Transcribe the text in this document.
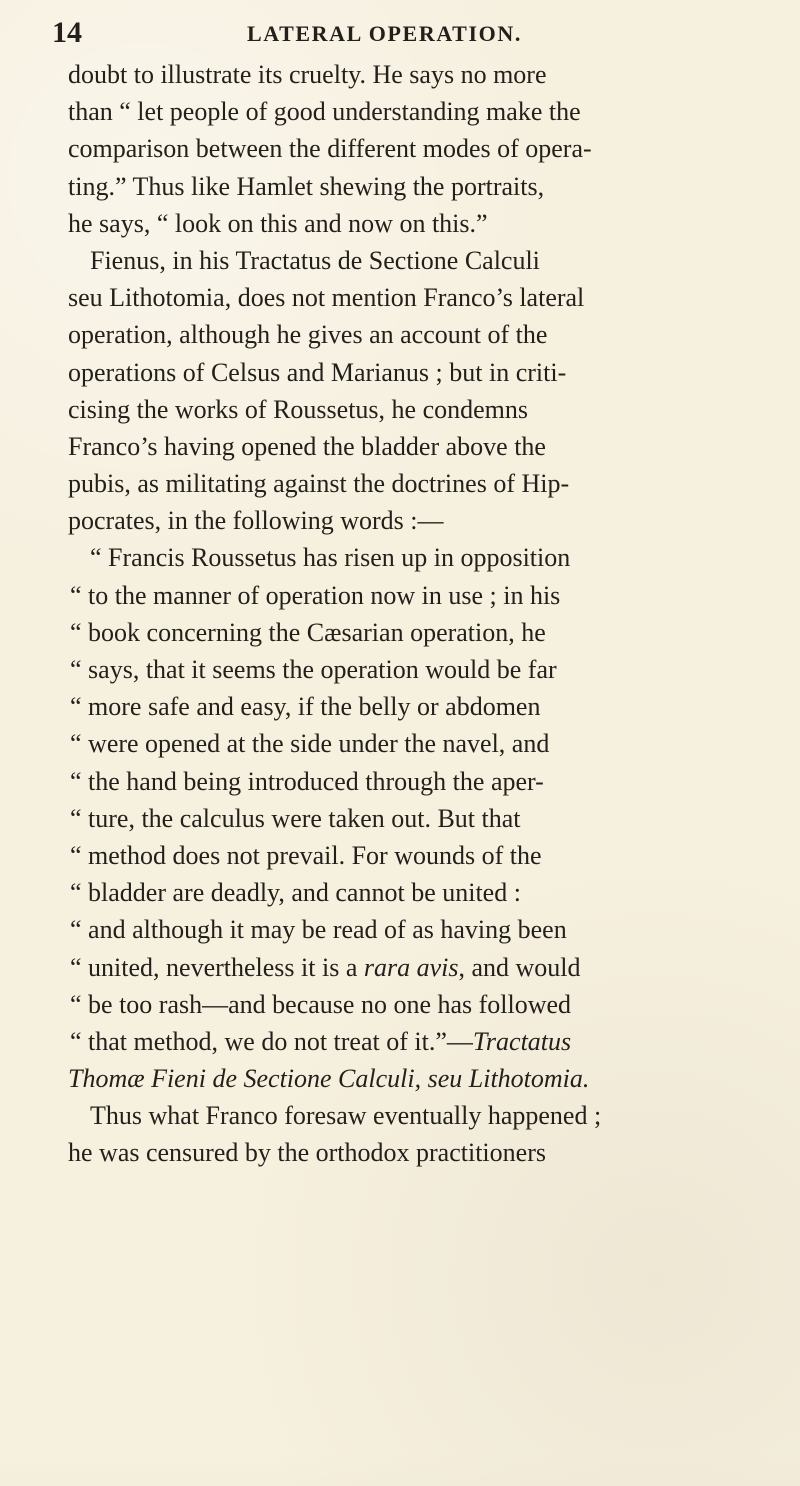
14	LATERAL OPERATION.
doubt to illustrate its cruelty. He says no more
than “ let people of good understanding make the
comparison between the different modes of opera-
ting.” Thus like Hamlet shewing the portraits,
he says, “ look on this and now on this.”
Fienus, in his Tractatus de Sectione Calculi
seu Lithotomia, does not mention Franco’s lateral
operation, although he gives an account of the
operations of Celsus and Marianus ; but in criti-
cising the works of Roussetus, he condemns
Franco’s having opened the bladder above the
pubis, as militating against the doctrines of Hip-
pocrates, in the following words :—
“ Francis Roussetus has risen up in opposition
“ to the manner of operation now in use ; in his
“ book concerning the Cæsarian operation, he
“ says, that it seems the operation would be far
“ more safe and easy, if the belly or abdomen
“ were opened at the side under the navel, and
“ the hand being introduced through the aper-
“ ture, the calculus were taken out. But that
“ method does not prevail. For wounds of the
“ bladder are deadly, and cannot be united :
“ and although it may be read of as having been
“ united, nevertheless it is a rara avis, and would
“ be too rash—and because no one has followed
“ that method, we do not treat of it.”—Tractatus
Thomæ Fieni de Sectione Calculi, seu Lithotomia.
Thus what Franco foresaw eventually happened ;
he was censured by the orthodox practitioners
